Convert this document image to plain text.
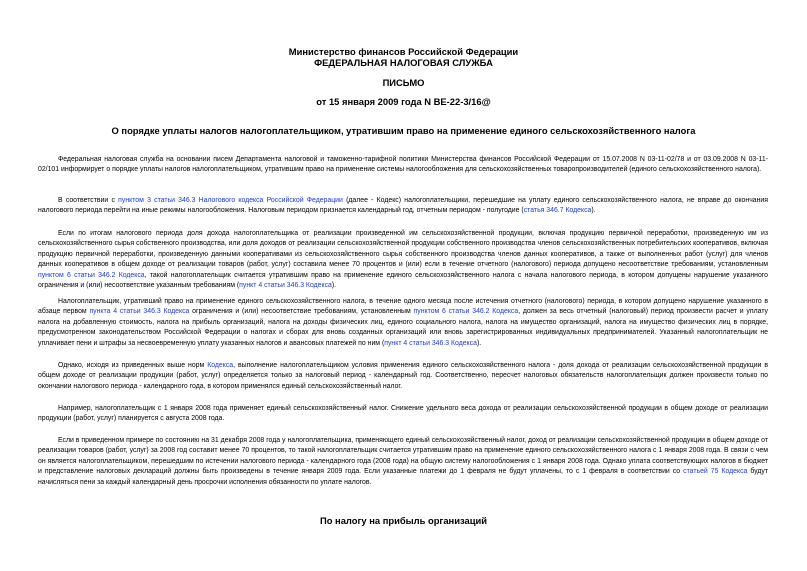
Министерство финансов Российской Федерации
ФЕДЕРАЛЬНАЯ НАЛОГОВАЯ СЛУЖБА
ПИСЬМО
от 15 января 2009 года N ВЕ-22-3/16@
О порядке уплаты налогов налогоплательщиком, утратившим право на применение единого сельскохозяйственного налога
Федеральная налоговая служба на основании писем Департамента налоговой и таможенно-тарифной политики Министерства финансов Российской Федерации от 15.07.2008 N 03-11-02/78 и от 03.09.2008 N 03-11-02/101 информирует о порядке уплаты налогов налогоплательщиком, утратившим право на применение системы налогообложения для сельскохозяйственных товаропроизводителей (единого сельскохозяйственного налога).
В соответствии с пунктом 3 статьи 346.3 Налогового кодекса Российской Федерации (далее - Кодекс) налогоплательщики, перешедшие на уплату единого сельскохозяйственного налога, не вправе до окончания налогового периода перейти на иные режимы налогообложения. Налоговым периодом признается календарный год, отчетным периодом - полугодие (статья 346.7 Кодекса).
Если по итогам налогового периода доля дохода налогоплательщика от реализации произведенной им сельскохозяйственной продукции, включая продукцию первичной переработки, произведенную им из сельскохозяйственного сырья собственного производства, или доля доходов от реализации сельскохозяйственной продукции собственного производства членов сельскохозяйственных потребительских кооперативов, включая продукцию первичной переработки, произведенную данными кооперативами из сельскохозяйственного сырья собственного производства членов данных кооперативов, а также от выполненных работ (услуг) для членов данных кооперативов в общем доходе от реализации товаров (работ, услуг) составила менее 70 процентов и (или) если в течение отчетного (налогового) периода допущено несоответствие требованиям, установленным пунктом 6 статьи 346.2 Кодекса, такой налогоплательщик считается утратившим право на применение единого сельскохозяйственного налога с начала налогового периода, в котором допущены нарушение указанного ограничения и (или) несоответствие указанным требованиям (пункт 4 статьи 346.3 Кодекса).
Налогоплательщик, утративший право на применение единого сельскохозяйственного налога, в течение одного месяца после истечения отчетного (налогового) периода, в котором допущено нарушение указанного в абзаце первом пункта 4 статьи 346.3 Кодекса ограничения и (или) несоответствие требованиям, установленным пунктом 6 статьи 346.2 Кодекса, должен за весь отчетный (налоговый) период произвести расчет и уплату налога на добавленную стоимость, налога на прибыль организаций, налога на доходы физических лиц, единого социального налога, налога на имущество организаций, налога на имущество физических лиц в порядке, предусмотренном законодательством Российской Федерации о налогах и сборах для вновь созданных организаций или вновь зарегистрированных индивидуальных предпринимателей. Указанный налогоплательщик не уплачивает пени и штрафы за несвоевременную уплату указанных налогов и авансовых платежей по ним (пункт 4 статьи 346.3 Кодекса).
Однако, исходя из приведенных выше норм Кодекса, выполнение налогоплательщиком условия применения единого сельскохозяйственного налога - доля дохода от реализации сельскохозяйственной продукции в общем доходе от реализации продукции (работ, услуг) определяется только за налоговый период - календарный год. Соответственно, пересчет налоговых обязательств налогоплательщик должен произвести только по окончании налогового периода - календарного года, в котором применялся единый сельскохозяйственный налог.
Например, налогоплательщик с 1 января 2008 года применяет единый сельскохозяйственный налог. Снижение удельного веса дохода от реализации сельскохозяйственной продукции в общем доходе от реализации продукции (работ, услуг) планируется с августа 2008 года.
Если в приведенном примере по состоянию на 31 декабря 2008 года у налогоплательщика, применяющего единый сельскохозяйственный налог, доход от реализации сельскохозяйственной продукции в общем доходе от реализации товаров (работ, услуг) за 2008 год составит менее 70 процентов, то такой налогоплательщик считается утратившим право на применение единого сельскохозяйственного налога с 1 января 2008 года. В связи с чем он является налогоплательщиком, перешедшим по истечении налогового периода - календарного года (2008 года) на общую систему налогообложения с 1 января 2008 года. Однако уплата соответствующих налогов в бюджет и представление налоговых деклараций должны быть произведены в течение января 2009 года. Если указанные платежи до 1 февраля не будут уплачены, то с 1 февраля в соответствии со статьей 75 Кодекса будут начисляться пени за каждый календарный день просрочки исполнения обязанности по уплате налогов.
По налогу на прибыль организаций
